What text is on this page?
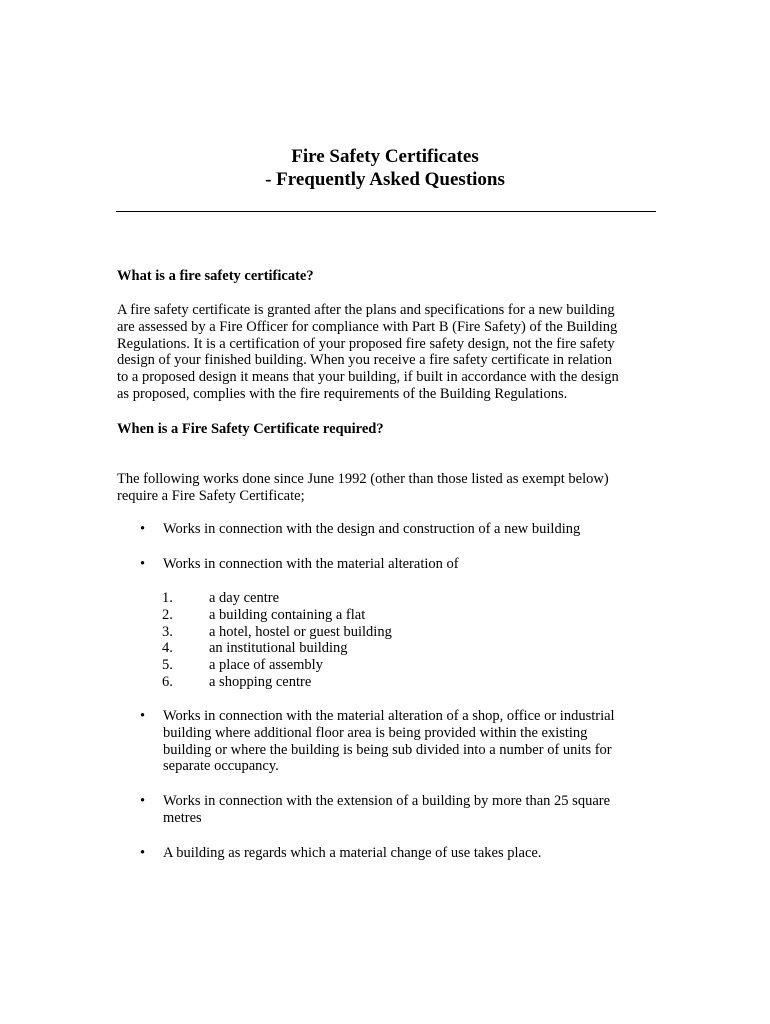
Fire Safety Certificates
- Frequently Asked Questions
What is a fire safety certificate?
A fire safety certificate is granted after the plans and specifications for a new building
are assessed by a Fire Officer for compliance with Part B (Fire Safety) of the Building
Regulations. It is a certification of your proposed fire safety design, not the fire safety
design of your finished building. When you receive a fire safety certificate in relation
to a proposed design it means that your building, if built in accordance with the design
as proposed, complies with the fire requirements of the Building Regulations.
When is a Fire Safety Certificate required?
The following works done since June 1992 (other than those listed as exempt below)
require a Fire Safety Certificate;
• Works in connection with the design and construction of a new building
• Works in connection with the material alteration of
1. a day centre
2. a building containing a flat
3. a hotel, hostel or guest building
4. an institutional building
5. a place of assembly
6. a shopping centre
• Works in connection with the material alteration of a shop, office or industrial
building where additional floor area is being provided within the existing
building or where the building is being sub divided into a number of units for
separate occupancy.
• Works in connection with the extension of a building by more than 25 square
metres
• A building as regards which a material change of use takes place.
